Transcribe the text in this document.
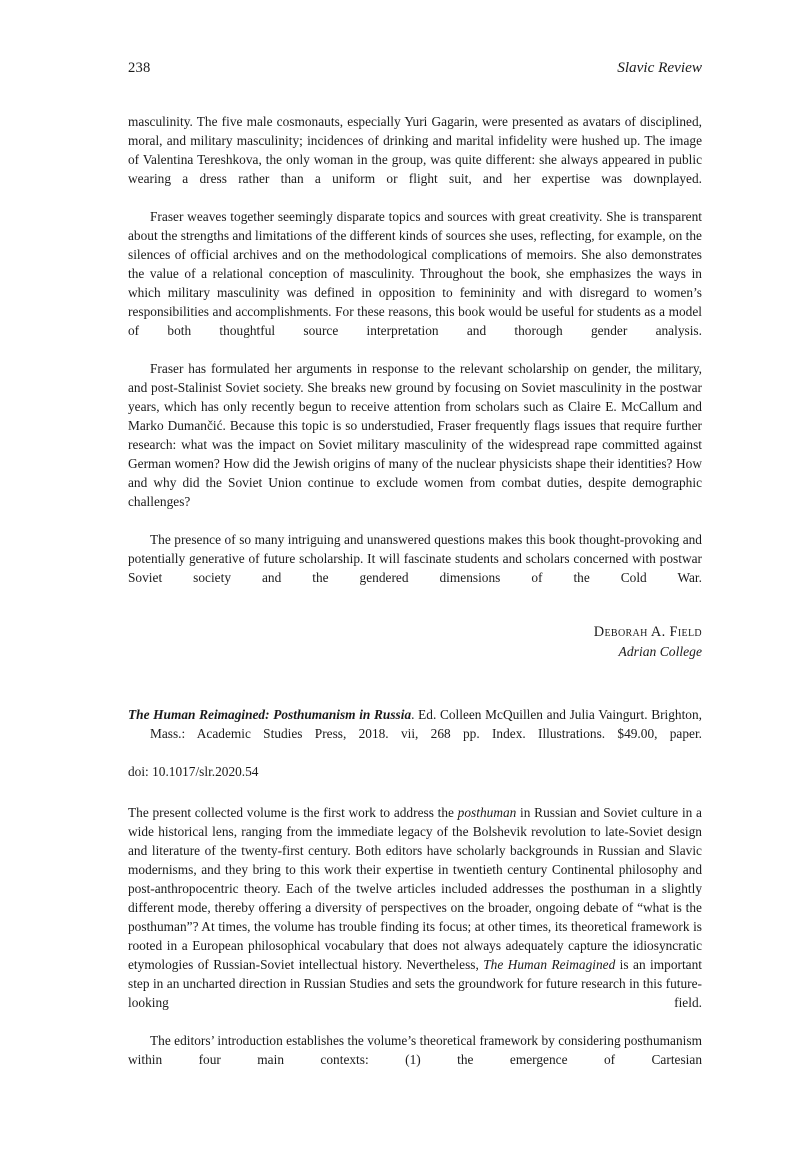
238	Slavic Review

masculinity. The five male cosmonauts, especially Yuri Gagarin, were presented as avatars of disciplined, moral, and military masculinity; incidences of drinking and marital infidelity were hushed up. The image of Valentina Tereshkova, the only woman in the group, was quite different: she always appeared in public wearing a dress rather than a uniform or flight suit, and her expertise was downplayed.

Fraser weaves together seemingly disparate topics and sources with great creativity. She is transparent about the strengths and limitations of the different kinds of sources she uses, reflecting, for example, on the silences of official archives and on the methodological complications of memoirs. She also demonstrates the value of a relational conception of masculinity. Throughout the book, she emphasizes the ways in which military masculinity was defined in opposition to femininity and with disregard to women’s responsibilities and accomplishments. For these reasons, this book would be useful for students as a model of both thoughtful source interpretation and thorough gender analysis.

Fraser has formulated her arguments in response to the relevant scholarship on gender, the military, and post-Stalinist Soviet society. She breaks new ground by focusing on Soviet masculinity in the postwar years, which has only recently begun to receive attention from scholars such as Claire E. McCallum and Marko Dumančić. Because this topic is so understudied, Fraser frequently flags issues that require further research: what was the impact on Soviet military masculinity of the widespread rape committed against German women? How did the Jewish origins of many of the nuclear physicists shape their identities? How and why did the Soviet Union continue to exclude women from combat duties, despite demographic challenges?

The presence of so many intriguing and unanswered questions makes this book thought-provoking and potentially generative of future scholarship. It will fascinate students and scholars concerned with postwar Soviet society and the gendered dimensions of the Cold War.

Deborah A. Field
Adrian College

The Human Reimagined: Posthumanism in Russia. Ed. Colleen McQuillen and Julia Vaingurt. Brighton, Mass.: Academic Studies Press, 2018. vii, 268 pp. Index. Illustrations. $49.00, paper.

doi: 10.1017/slr.2020.54

The present collected volume is the first work to address the posthuman in Russian and Soviet culture in a wide historical lens, ranging from the immediate legacy of the Bolshevik revolution to late-Soviet design and literature of the twenty-first century. Both editors have scholarly backgrounds in Russian and Slavic modernisms, and they bring to this work their expertise in twentieth century Continental philosophy and post-anthropocentric theory. Each of the twelve articles included addresses the posthuman in a slightly different mode, thereby offering a diversity of perspectives on the broader, ongoing debate of “what is the posthuman”? At times, the volume has trouble finding its focus; at other times, its theoretical framework is rooted in a European philosophical vocabulary that does not always adequately capture the idiosyncratic etymologies of Russian-Soviet intellectual history. Nevertheless, The Human Reimagined is an important step in an uncharted direction in Russian Studies and sets the groundwork for future research in this future-looking field.

The editors’ introduction establishes the volume’s theoretical framework by considering posthumanism within four main contexts: (1) the emergence of Cartesian
